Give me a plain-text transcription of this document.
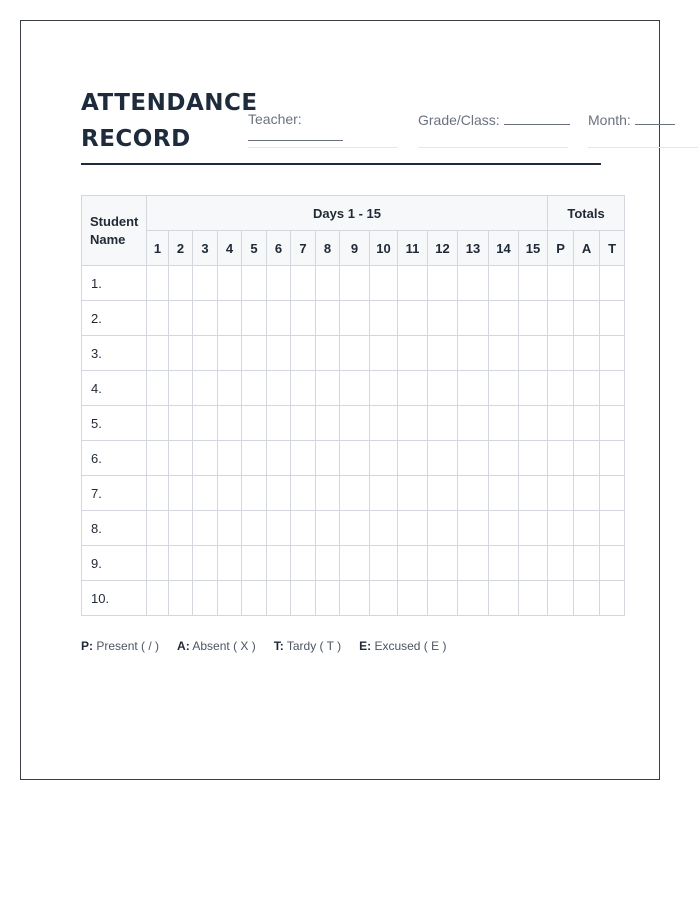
ATTENDANCE
RECORD
Teacher:	Grade/Class:	Month:
Student Name	Days 1 - 15															Totals		
	1	2	3	4	5	6	7	8	9	10	11	12	13	14	15	P	A	T
1.																		
2.																		
3.																		
4.																		
5.																		
6.																		
7.																		
8.																		
9.																		
10.																		
P: Present ( / ) A: Absent ( X ) T: Tardy ( T ) E: Excused ( E )
